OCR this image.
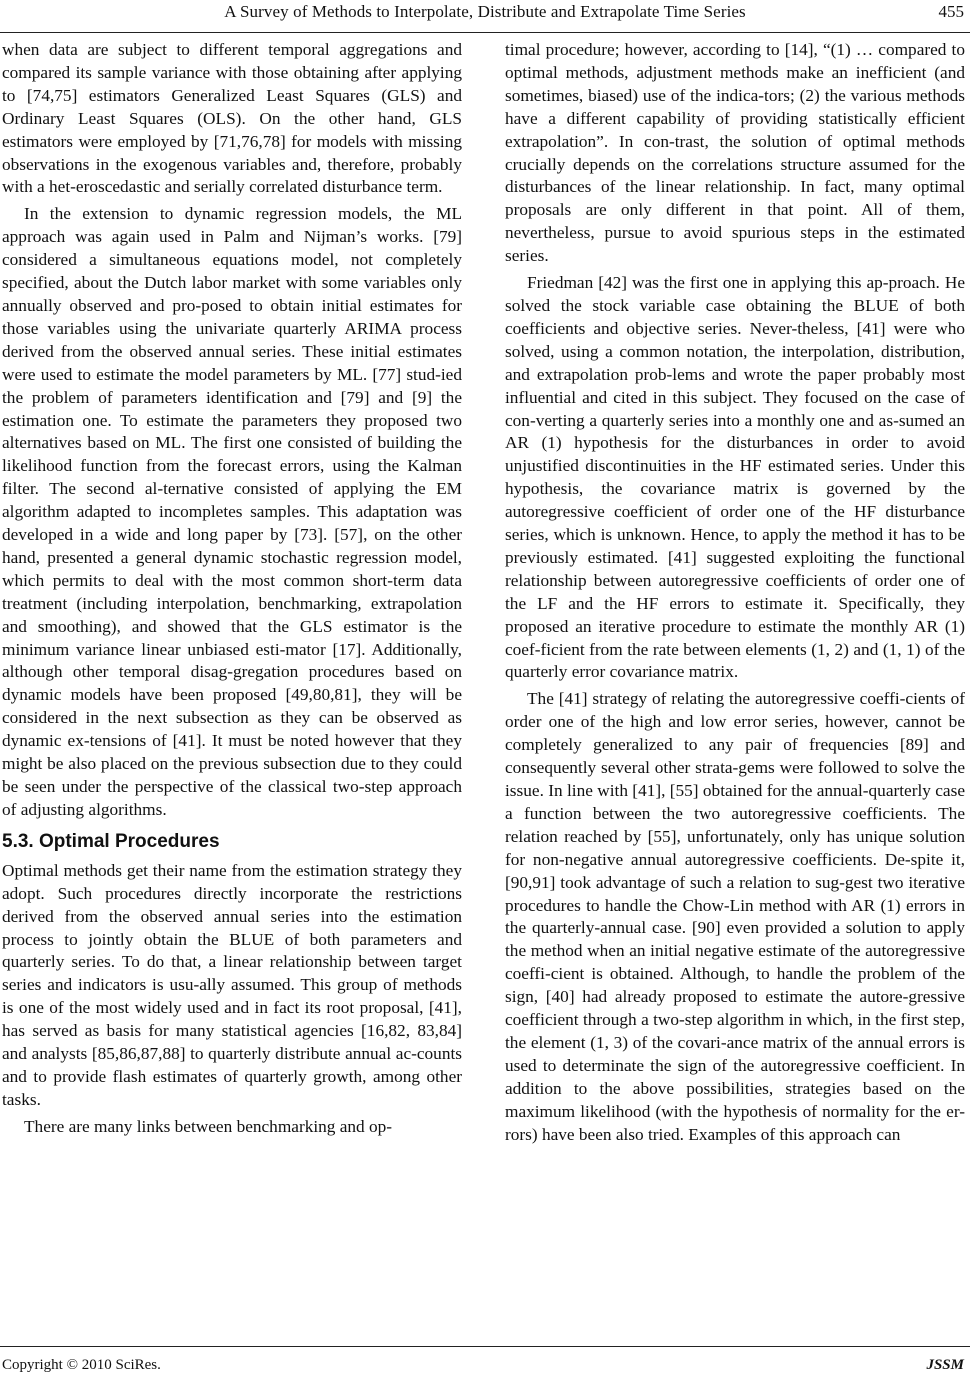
A Survey of Methods to Interpolate, Distribute and Extrapolate Time Series	455

when data are subject to different temporal aggregations and compared its sample variance with those obtaining after applying to [74,75] estimators Generalized Least Squares (GLS) and Ordinary Least Squares (OLS). On the other hand, GLS estimators were employed by [71,76,78] for models with missing observations in the exogenous variables and, therefore, probably with a het-eroscedastic and serially correlated disturbance term.

In the extension to dynamic regression models, the ML approach was again used in Palm and Nijman’s works. [79] considered a simultaneous equations model, not completely specified, about the Dutch labor market with some variables only annually observed and pro-posed to obtain initial estimates for those variables using the univariate quarterly ARIMA process derived from the observed annual series. These initial estimates were used to estimate the model parameters by ML. [77] stud-ied the problem of parameters identification and [79] and [9] the estimation one. To estimate the parameters they proposed two alternatives based on ML. The first one consisted of building the likelihood function from the forecast errors, using the Kalman filter. The second al-ternative consisted of applying the EM algorithm adapted to incompletes samples. This adaptation was developed in a wide and long paper by [73]. [57], on the other hand, presented a general dynamic stochastic regression model, which permits to deal with the most common short-term data treatment (including interpolation, benchmarking, extrapolation and smoothing), and showed that the GLS estimator is the minimum variance linear unbiased esti-mator [17]. Additionally, although other temporal disag-gregation procedures based on dynamic models have been proposed [49,80,81], they will be considered in the next subsection as they can be observed as dynamic ex-tensions of [41]. It must be noted however that they might be also placed on the previous subsection due to they could be seen under the perspective of the classical two-step approach of adjusting algorithms.

5.3. Optimal Procedures

Optimal methods get their name from the estimation strategy they adopt. Such procedures directly incorporate the restrictions derived from the observed annual series into the estimation process to jointly obtain the BLUE of both parameters and quarterly series. To do that, a linear relationship between target series and indicators is usu-ally assumed. This group of methods is one of the most widely used and in fact its root proposal, [41], has served as basis for many statistical agencies [16,82, 83,84] and analysts [85,86,87,88] to quarterly distribute annual ac-counts and to provide flash estimates of quarterly growth, among other tasks.

There are many links between benchmarking and op-

timal procedure; however, according to [14], “(1) … compared to optimal methods, adjustment methods make an inefficient (and sometimes, biased) use of the indica-tors; (2) the various methods have a different capability of providing statistically efficient extrapolation”. In con-trast, the solution of optimal methods crucially depends on the correlations structure assumed for the disturbances of the linear relationship. In fact, many optimal proposals are only different in that point. All of them, nevertheless, pursue to avoid spurious steps in the estimated series.

Friedman [42] was the first one in applying this ap-proach. He solved the stock variable case obtaining the BLUE of both coefficients and objective series. Never-theless, [41] were who solved, using a common notation, the interpolation, distribution, and extrapolation prob-lems and wrote the paper probably most influential and cited in this subject. They focused on the case of con-verting a quarterly series into a monthly one and as-sumed an AR (1) hypothesis for the disturbances in order to avoid unjustified discontinuities in the HF estimated series. Under this hypothesis, the covariance matrix is governed by the autoregressive coefficient of order one of the HF disturbance series, which is unknown. Hence, to apply the method it has to be previously estimated. [41] suggested exploiting the functional relationship between autoregressive coefficients of order one of the LF and the HF errors to estimate it. Specifically, they proposed an iterative procedure to estimate the monthly AR (1) coef-ficient from the rate between elements (1, 2) and (1, 1) of the quarterly error covariance matrix.

The [41] strategy of relating the autoregressive coeffi-cients of order one of the high and low error series, however, cannot be completely generalized to any pair of frequencies [89] and consequently several other strata-gems were followed to solve the issue. In line with [41], [55] obtained for the annual-quarterly case a function between the two autoregressive coefficients. The relation reached by [55], unfortunately, only has unique solution for non-negative annual autoregressive coefficients. De-spite it, [90,91] took advantage of such a relation to sug-gest two iterative procedures to handle the Chow-Lin method with AR (1) errors in the quarterly-annual case. [90] even provided a solution to apply the method when an initial negative estimate of the autoregressive coeffi-cient is obtained. Although, to handle the problem of the sign, [40] had already proposed to estimate the autore-gressive coefficient through a two-step algorithm in which, in the first step, the element (1, 3) of the covari-ance matrix of the annual errors is used to determinate the sign of the autoregressive coefficient. In addition to the above possibilities, strategies based on the maximum likelihood (with the hypothesis of normality for the er-rors) have been also tried. Examples of this approach can

Copyright © 2010 SciRes.	JSSM
